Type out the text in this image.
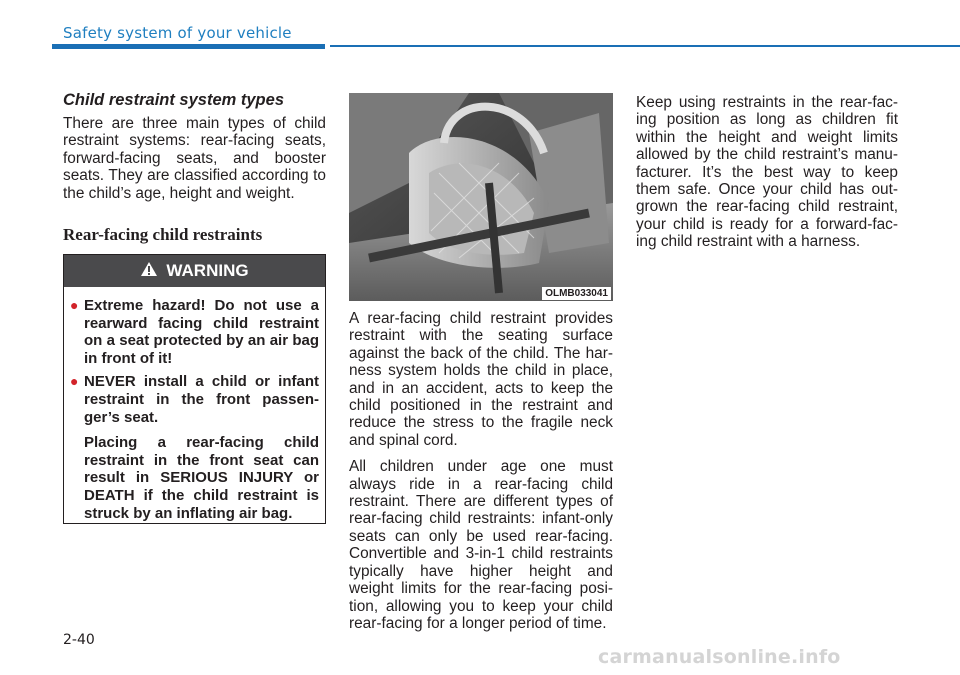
Safety system of your vehicle
Child restraint system types

There are three main types of child restraint systems: rear-facing seats, forward-facing seats, and booster seats. They are classified according to the child’s age, height and weight.

Rear-facing child restraints
WARNING
● Extreme hazard! Do not use a rearward facing child restraint on a seat protected by an air bag in front of it!
● NEVER install a child or infant restraint in the front passen-ger’s seat.
Placing a rear-facing child restraint in the front seat can result in SERIOUS INJURY or DEATH if the child restraint is struck by an inflating air bag.
OLMB033041

A rear-facing child restraint provides restraint with the seating surface against the back of the child. The har-ness system holds the child in place, and in an accident, acts to keep the child positioned in the restraint and reduce the stress to the fragile neck and spinal cord.

All children under age one must always ride in a rear-facing child restraint. There are different types of rear-facing child restraints: infant-only seats can only be used rear-facing. Convertible and 3-in-1 child restraints typically have higher height and weight limits for the rear-facing posi-tion, allowing you to keep your child rear-facing for a longer period of time.

Keep using restraints in the rear-fac-ing position as long as children fit within the height and weight limits allowed by the child restraint’s manu-facturer. It’s the best way to keep them safe. Once your child has out-grown the rear-facing child restraint, your child is ready for a forward-fac-ing child restraint with a harness.

2-40
carmanualsonline.info
